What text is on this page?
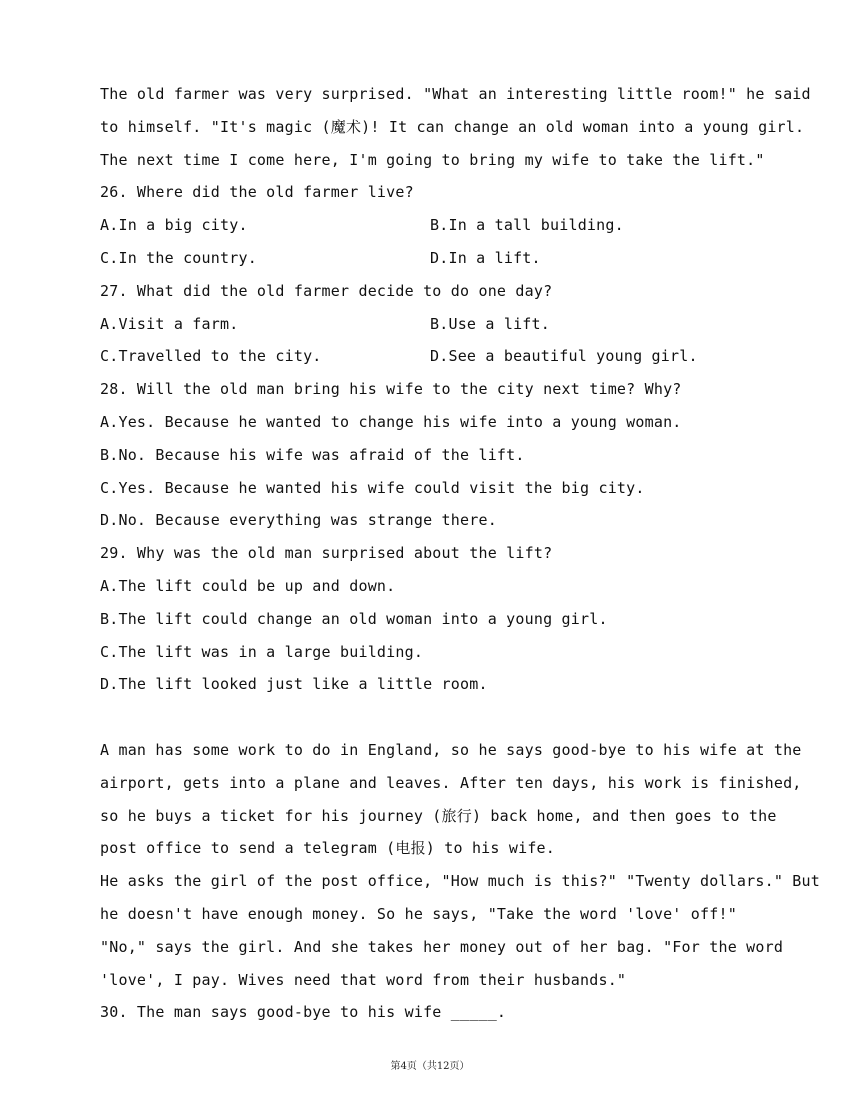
The old farmer was very surprised. "What an interesting little room!" he said
to himself. "It's magic (魔术)! It can change an old woman into a young girl.
The next time I come here, I'm going to bring my wife to take the lift."
26. Where did the old farmer live?

A.In a big city.

	B.In a tall building.

C.In the country.

	D.In a lift.

27. What did the old farmer decide to do one day?

A.Visit a farm.

	B.Use a lift.

C.Travelled to the city.

	D.See a beautiful young girl.

28. Will the old man bring his wife to the city next time? Why?
A.Yes. Because he wanted to change his wife into a young woman.
B.No. Because his wife was afraid of the lift.
C.Yes. Because he wanted his wife could visit the big city.
D.No. Because everything was strange there.
29. Why was the old man surprised about the lift?
A.The lift could be up and down.
B.The lift could change an old woman into a young girl.
C.The lift was in a large building.
D.The lift looked just like a little room.
A man has some work to do in England, so he says good-bye to his wife at the
airport, gets into a plane and leaves. After ten days, his work is finished,
so he buys a ticket for his journey (旅行) back home, and then goes to the
post office to send a telegram (电报) to his wife.
He asks the girl of the post office, "How much is this?" "Twenty dollars." But
he doesn't have enough money. So he says, "Take the word 'love' off!"
"No," says the girl. And she takes her money out of her bag. "For the word
'love', I pay. Wives need that word from their husbands."
30. The man says good-bye to his wife _____.
第4页（共12页）
